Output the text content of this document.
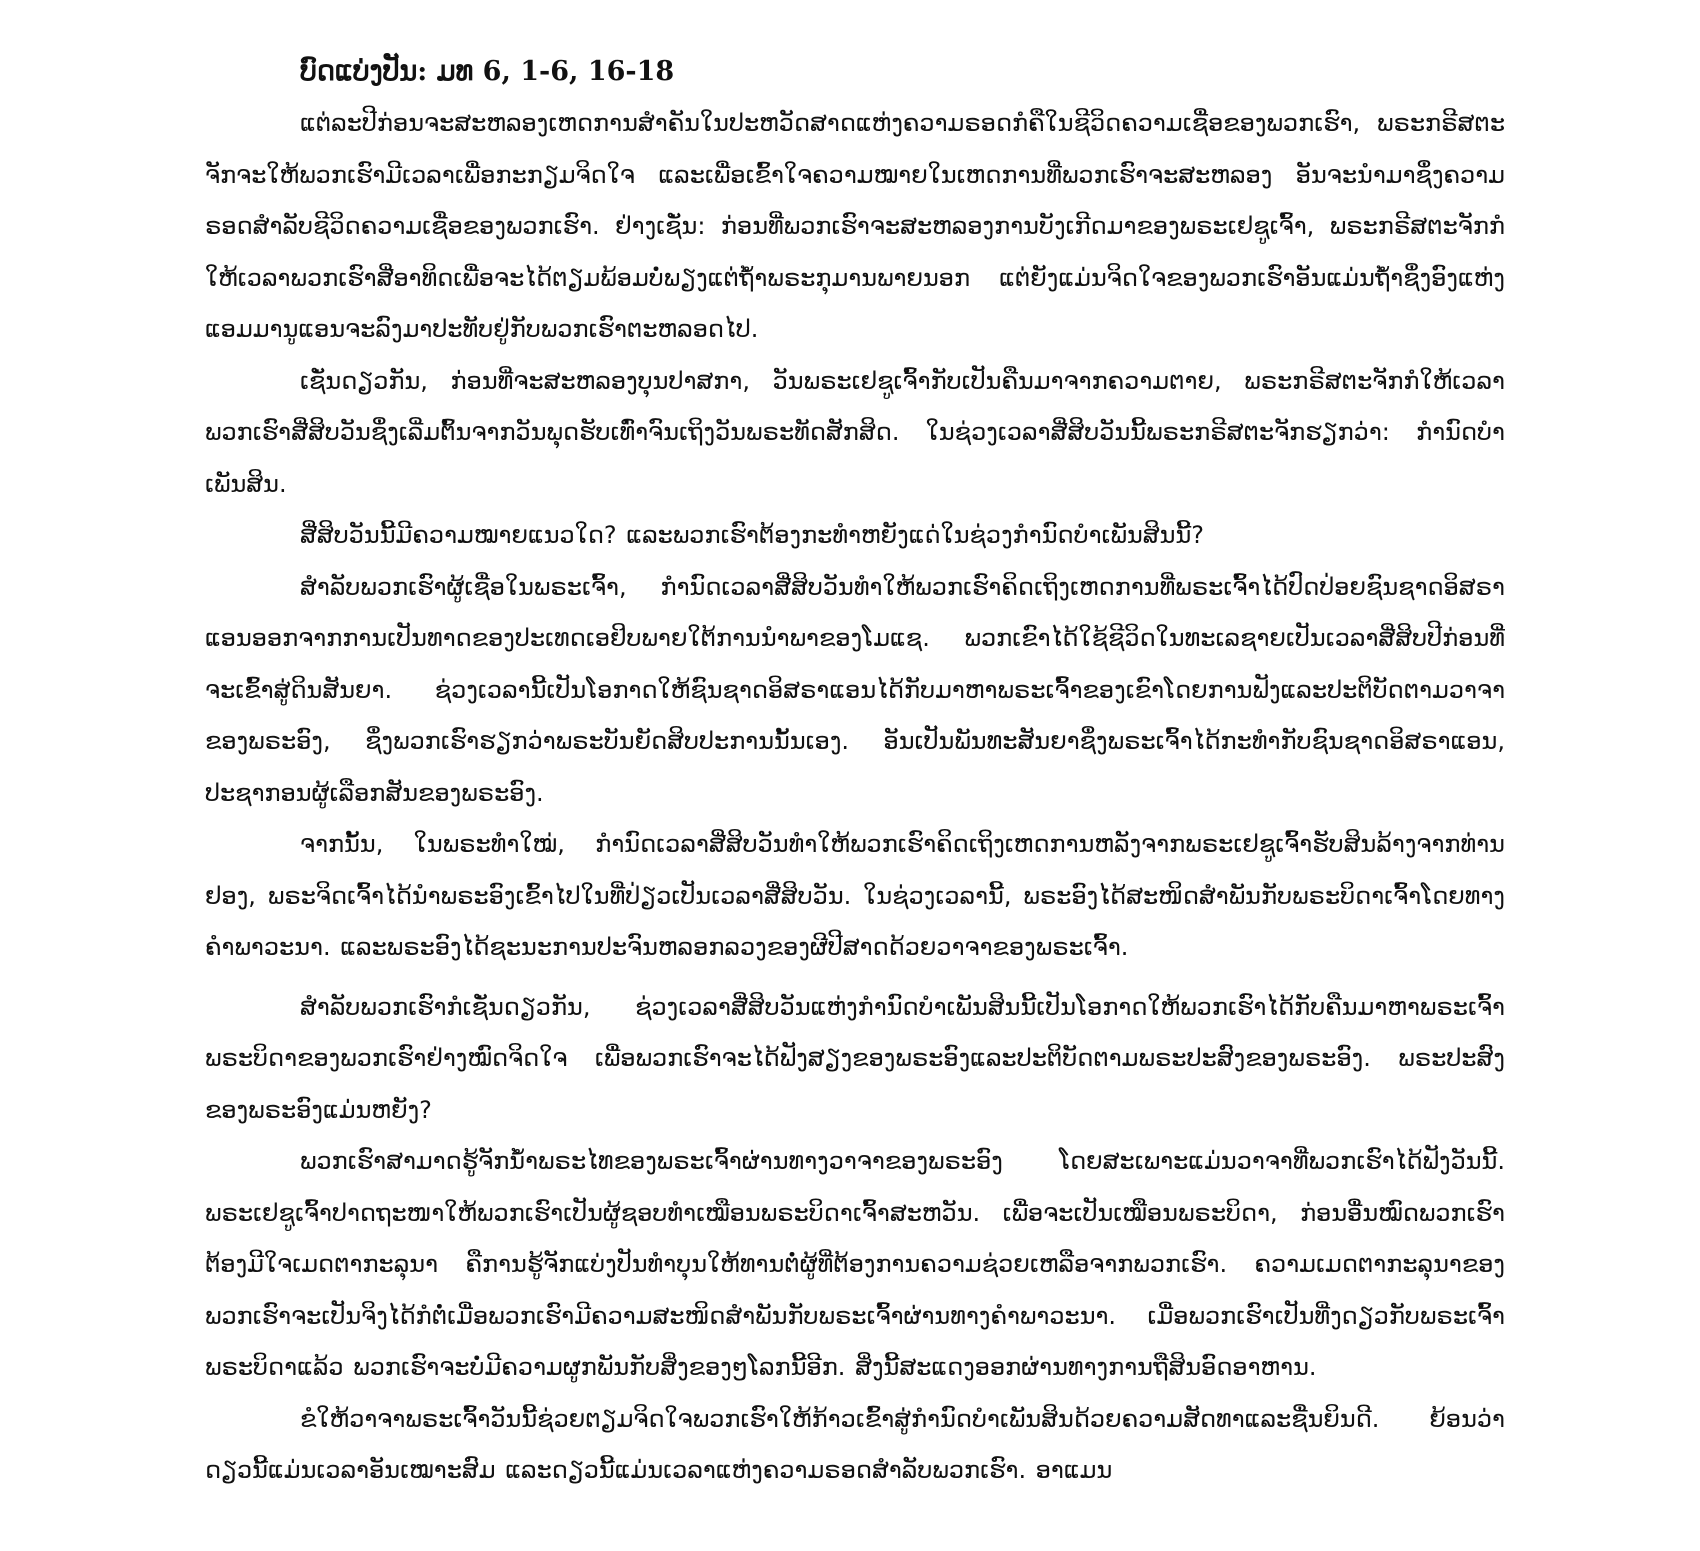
ບົດແບ່ງປັນ: ມທ 6, 1-6, 16-18

ແຕ່ລະປີກ່ອນຈະສະຫລອງເຫດການສຳຄັນໃນປະຫວັດສາດແຫ່ງຄວາມຣອດກໍຄືໃນຊີວິດຄວາມເຊື່ອຂອງພວກເຮົາ, ພຣະກຣີສຕະຈັກຈະໃຫ້ພວກເຮົາມີເວລາເພື່ອກະກຽມຈິດໃຈ ແລະເພື່ອເຂົ້າໃຈຄວາມໝາຍໃນເຫດການທີ່ພວກເຮົາຈະສະຫລອງ ອັນຈະນຳມາຊຶ່ງຄວາມຣອດສຳລັບຊີວິດຄວາມເຊື່ອຂອງພວກເຮົາ. ຢ່າງເຊັ່ນ: ກ່ອນທີ່ພວກເຮົາຈະສະຫລອງການບັງເກີດມາຂອງພຣະເຢຊູເຈົ້າ, ພຣະກຣີສຕະຈັກກໍໃຫ້ເວລາພວກເຮົາສີ່ອາທິດເພື່ອຈະໄດ້ຕຽມພ້ອມບໍ່ພຽງແຕ່ຖໍ້າພຣະກຸມານພາຍນອກ ແຕ່ຍັງແມ່ນຈິດໃຈຂອງພວກເຮົາອັນແມ່ນຖໍ້າຊຶ່ງອົງແຫ່ງແອມມານູແອນຈະລົງມາປະທັບຢູ່ກັບພວກເຮົາຕະຫລອດໄປ.

ເຊັ່ນດຽວກັນ, ກ່ອນທີ່ຈະສະຫລອງບຸນປາສກາ, ວັນພຣະເຢຊູເຈົ້າກັບເປັນຄືນມາຈາກຄວາມຕາຍ, ພຣະກຣີສຕະຈັກກໍໃຫ້ເວລາພວກເຮົາສີ່ສິບວັນຊຶ່ງເລີ່ມຕົ້ນຈາກວັນພຸດຮັບເທົ່າຈົນເຖິງວັນພຣະທັດສັກສິດ. ໃນຊ່ວງເວລາສີ່ສິບວັນນີ້ພຣະກຣີສຕະຈັກຮຽກວ່າ: ກຳນົດບຳເພັນສິນ.

ສີ່ສິບວັນນີ້ມີຄວາມໝາຍແນວໃດ? ແລະພວກເຮົາຕ້ອງກະທຳຫຍັງແດ່ໃນຊ່ວງກຳນົດບຳເພັນສິນນີ້?

ສຳລັບພວກເຮົາຜູ້ເຊື່ອໃນພຣະເຈົ້າ, ກຳນົດເວລາສີ່ສິບວັນທຳໃຫ້ພວກເຮົາຄິດເຖິງເຫດການທີ່ພຣະເຈົ້າໄດ້ປົດປ່ອຍຊົນຊາດອິສຣາແອນອອກຈາກການເປັນທາດຂອງປະເທດເອຢິບພາຍໃຕ້ການນຳພາຂອງໂມແຊ. ພວກເຂົາໄດ້ໃຊ້ຊີວິດໃນທະເລຊາຍເປັນເວລາສີ່ສິບປີກ່ອນທີ່ຈະເຂົ້າສູ່ດິນສັນຍາ. ຊ່ວງເວລານີ້ເປັນໂອກາດໃຫ້ຊົນຊາດອິສຣາແອນໄດ້ກັບມາຫາພຣະເຈົ້າຂອງເຂົາໂດຍການຟັງແລະປະຕິບັດຕາມວາຈາຂອງພຣະອົງ, ຊຶ່ງພວກເຮົາຮຽກວ່າພຣະບັນຍັດສິບປະການນັ້ນເອງ. ອັນເປັນພັນທະສັນຍາຊຶ່ງພຣະເຈົ້າໄດ້ກະທຳກັບຊົນຊາດອິສຣາແອນ, ປະຊາກອນຜູ້ເລືອກສັນຂອງພຣະອົງ.

ຈາກນັ້ນ, ໃນພຣະທຳໃໝ່, ກຳນົດເວລາສີ່ສິບວັນທຳໃຫ້ພວກເຮົາຄິດເຖິງເຫດການຫລັງຈາກພຣະເຢຊູເຈົ້າຮັບສິນລ້າງຈາກທ່ານຢອງ, ພຣະຈິດເຈົ້າໄດ້ນຳພຣະອົງເຂົ້າໄປໃນທີ່ປ່ຽວເປັນເວລາສີ່ສິບວັນ. ໃນຊ່ວງເວລານີ້, ພຣະອົງໄດ້ສະໜິດສຳພັນກັບພຣະບິດາເຈົ້າໂດຍທາງຄຳພາວະນາ. ແລະພຣະອົງໄດ້ຊະນະການປະຈົນຫລອກລວງຂອງຜີປີສາດດ້ວຍວາຈາຂອງພຣະເຈົ້າ.

ສຳລັບພວກເຮົາກໍເຊັ່ນດຽວກັນ, ຊ່ວງເວລາສີ່ສິບວັນແຫ່ງກຳນົດບຳເພັນສິນນີ້ເປັນໂອກາດໃຫ້ພວກເຮົາໄດ້ກັບຄືນມາຫາພຣະເຈົ້າພຣະບິດາຂອງພວກເຮົາຢ່າງໝົດຈິດໃຈ ເພື່ອພວກເຮົາຈະໄດ້ຟັງສຽງຂອງພຣະອົງແລະປະຕິບັດຕາມພຣະປະສົງຂອງພຣະອົງ. ພຣະປະສົງຂອງພຣະອົງແມ່ນຫຍັງ?

ພວກເຮົາສາມາດຮູ້ຈັກນໍ້າພຣະໄທຂອງພຣະເຈົ້າຜ່ານທາງວາຈາຂອງພຣະອົງ ໂດຍສະເພາະແມ່ນວາຈາທີ່ພວກເຮົາໄດ້ຟັງວັນນີ້. ພຣະເຢຊູເຈົ້າປາດຖະໜາໃຫ້ພວກເຮົາເປັນຜູ້ຊອບທຳເໝືອນພຣະບິດາເຈົ້າສະຫວັນ. ເພື່ອຈະເປັນເໝືອນພຣະບິດາ, ກ່ອນອື່ນໝົດພວກເຮົາຕ້ອງມີໃຈເມດຕາກະລຸນາ ຄືການຮູ້ຈັກແບ່ງປັນທຳບຸນໃຫ້ທານຕໍ່ຜູ້ທີ່ຕ້ອງການຄວາມຊ່ວຍເຫລືອຈາກພວກເຮົາ. ຄວາມເມດຕາກະລຸນາຂອງພວກເຮົາຈະເປັນຈິງໄດ້ກໍຕໍ່ເມື່ອພວກເຮົາມີຄວາມສະໜິດສຳພັນກັບພຣະເຈົ້າຜ່ານທາງຄຳພາວະນາ. ເມື່ອພວກເຮົາເປັນທີ່ງດຽວກັບພຣະເຈົ້າພຣະບິດາແລ້ວ ພວກເຮົາຈະບໍ່ມີຄວາມຜູກພັນກັບສິ່ງຂອງໆໂລກນີ້ອີກ. ສິ່ງນີ້ສະແດງອອກຜ່ານທາງການຖືສິນອົດອາຫານ.

ຂໍໃຫ້ວາຈາພຣະເຈົ້າວັນນີ້ຊ່ວຍຕຽມຈິດໃຈພວກເຮົາໃຫ້ກ້າວເຂົ້າສູ່ກຳນົດບຳເພັນສິນດ້ວຍຄວາມສັດທາແລະຊື່ນຍິນດີ. ຍ້ອນວ່າດຽວນີ້ແມ່ນເວລາອັນເໝາະສົມ ແລະດຽວນີ້ແມ່ນເວລາແຫ່ງຄວາມຣອດສຳລັບພວກເຮົາ. ອາແມນ
